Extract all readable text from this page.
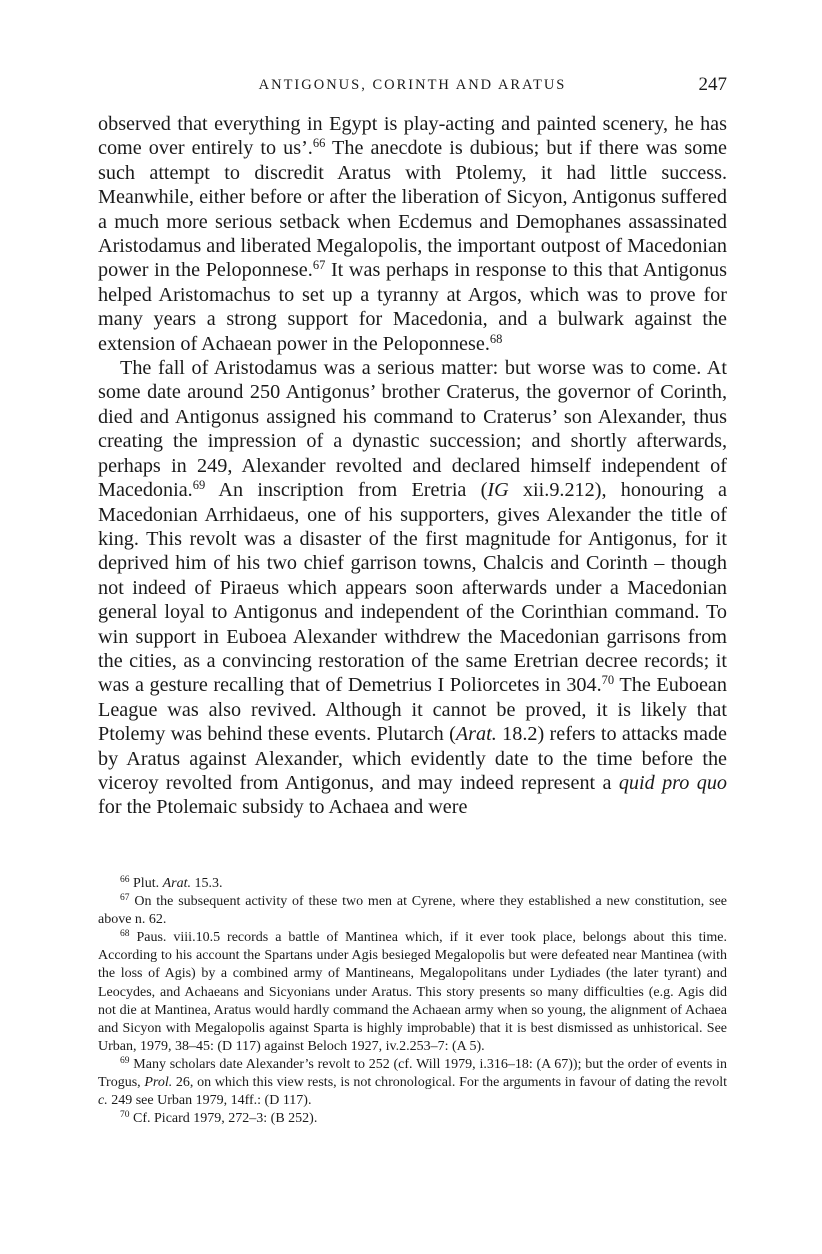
ANTIGONUS, CORINTH AND ARATUS	247

observed that everything in Egypt is play-acting and painted scenery, he has come over entirely to us’.$^{66}$ The anecdote is dubious; but if there was some such attempt to discredit Aratus with Ptolemy, it had little success. Meanwhile, either before or after the liberation of Sicyon, Antigonus suffered a much more serious setback when Ecdemus and Demophanes assassinated Aristodamus and liberated Megalopolis, the important outpost of Macedonian power in the Peloponnese.$^{67}$ It was perhaps in response to this that Antigonus helped Aristomachus to set up a tyranny at Argos, which was to prove for many years a strong support for Macedonia, and a bulwark against the extension of Achaean power in the Peloponnese.$^{68}$

The fall of Aristodamus was a serious matter: but worse was to come. At some date around 250 Antigonus’ brother Craterus, the governor of Corinth, died and Antigonus assigned his command to Craterus’ son Alexander, thus creating the impression of a dynastic succession; and shortly afterwards, perhaps in 249, Alexander revolted and declared himself independent of Macedonia.$^{69}$ An inscription from Eretria (IG xii.9.212), honouring a Macedonian Arrhidaeus, one of his supporters, gives Alexander the title of king. This revolt was a disaster of the first magnitude for Antigonus, for it deprived him of his two chief garrison towns, Chalcis and Corinth – though not indeed of Piraeus which appears soon afterwards under a Macedonian general loyal to Antigonus and independent of the Corinthian command. To win support in Euboea Alexander withdrew the Macedonian garrisons from the cities, as a convincing restoration of the same Eretrian decree records; it was a gesture recalling that of Demetrius I Poliorcetes in 304.70 The Euboean League was also revived. Although it cannot be proved, it is likely that Ptolemy was behind these events. Plutarch (Arat. 18.2) refers to attacks made by Aratus against Alexander, which evidently date to the time before the viceroy revolted from Antigonus, and may indeed represent a quid pro quo for the Ptolemaic subsidy to Achaea and were

$^{66}$ Plut. Arat. 15.3.

$^{67}$ On the subsequent activity of these two men at Cyrene, where they established a new constitution, see above n. 62.

$^{68}$ Paus. viii.10.5 records a battle of Mantinea which, if it ever took place, belongs about this time. According to his account the Spartans under Agis besieged Megalopolis but were defeated near Mantinea (with the loss of Agis) by a combined army of Mantineans, Megalopolitans under Lydiades (the later tyrant) and Leocydes, and Achaeans and Sicyonians under Aratus. This story presents so many difficulties (e.g. Agis did not die at Mantinea, Aratus would hardly command the Achaean army when so young, the alignment of Achaea and Sicyon with Megalopolis against Sparta is highly improbable) that it is best dismissed as unhistorical. See Urban, 1979, 38–45: (D 117) against Beloch 1927, iv.2.253–7: (A 5).

$^{69}$ Many scholars date Alexander’s revolt to 252 (cf. Will 1979, i.316–18: (A 67)); but the order of events in Trogus, Prol. 26, on which this view rests, is not chronological. For the arguments in favour of dating the revolt c. 249 see Urban 1979, 14ff.: (D 117).

$^{70}$ Cf. Picard 1979, 272–3: (B 252).
